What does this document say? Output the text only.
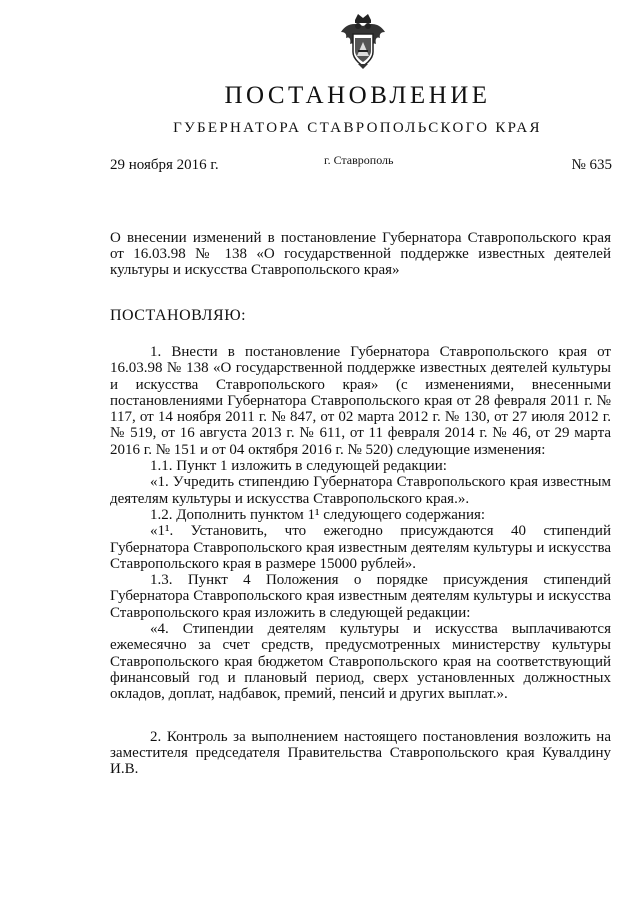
ПОСТАНОВЛЕНИЕ
ГУБЕРНАТОРА СТАВРОПОЛЬСКОГО КРАЯ
29 ноября 2016 г.	г. Ставрополь	№ 635
О внесении изменений в постановление Губернатора Ставропольского края от 16.03.98 № 138 «О государственной поддержке известных деятелей культуры и искусства Ставропольского края»
ПОСТАНОВЛЯЮ:

1. Внести в постановление Губернатора Ставропольского края от 16.03.98 № 138 «О государственной поддержке известных деятелей культуры и искусства Ставропольского края» (с изменениями, внесенными постановлениями Губернатора Ставропольского края от 28 февраля 2011 г. № 117, от 14 ноября 2011 г. № 847, от 02 марта 2012 г. № 130, от 27 июля 2012 г. № 519, от 16 августа 2013 г. № 611, от 11 февраля 2014 г. № 46, от 29 марта 2016 г. № 151 и от 04 октября 2016 г. № 520) следующие изменения:

1.1. Пункт 1 изложить в следующей редакции:

«1. Учредить стипендию Губернатора Ставропольского края известным деятелям культуры и искусства Ставропольского края.».

1.2. Дополнить пунктом 1¹ следующего содержания:

«1¹. Установить, что ежегодно присуждаются 40 стипендий Губернатора Ставропольского края известным деятелям культуры и искусства Ставропольского края в размере 15000 рублей».

1.3. Пункт 4 Положения о порядке присуждения стипендий Губернатора Ставропольского края известным деятелям культуры и искусства Ставропольского края изложить в следующей редакции:

«4. Стипендии деятелям культуры и искусства выплачиваются ежемесячно за счет средств, предусмотренных министерству культуры Ставропольского края бюджетом Ставропольского края на соответствующий финансовый год и плановый период, сверх установленных должностных окладов, доплат, надбавок, премий, пенсий и других выплат.».

2. Контроль за выполнением настоящего постановления возложить на заместителя председателя Правительства Ставропольского края Кувалдину И.В.
